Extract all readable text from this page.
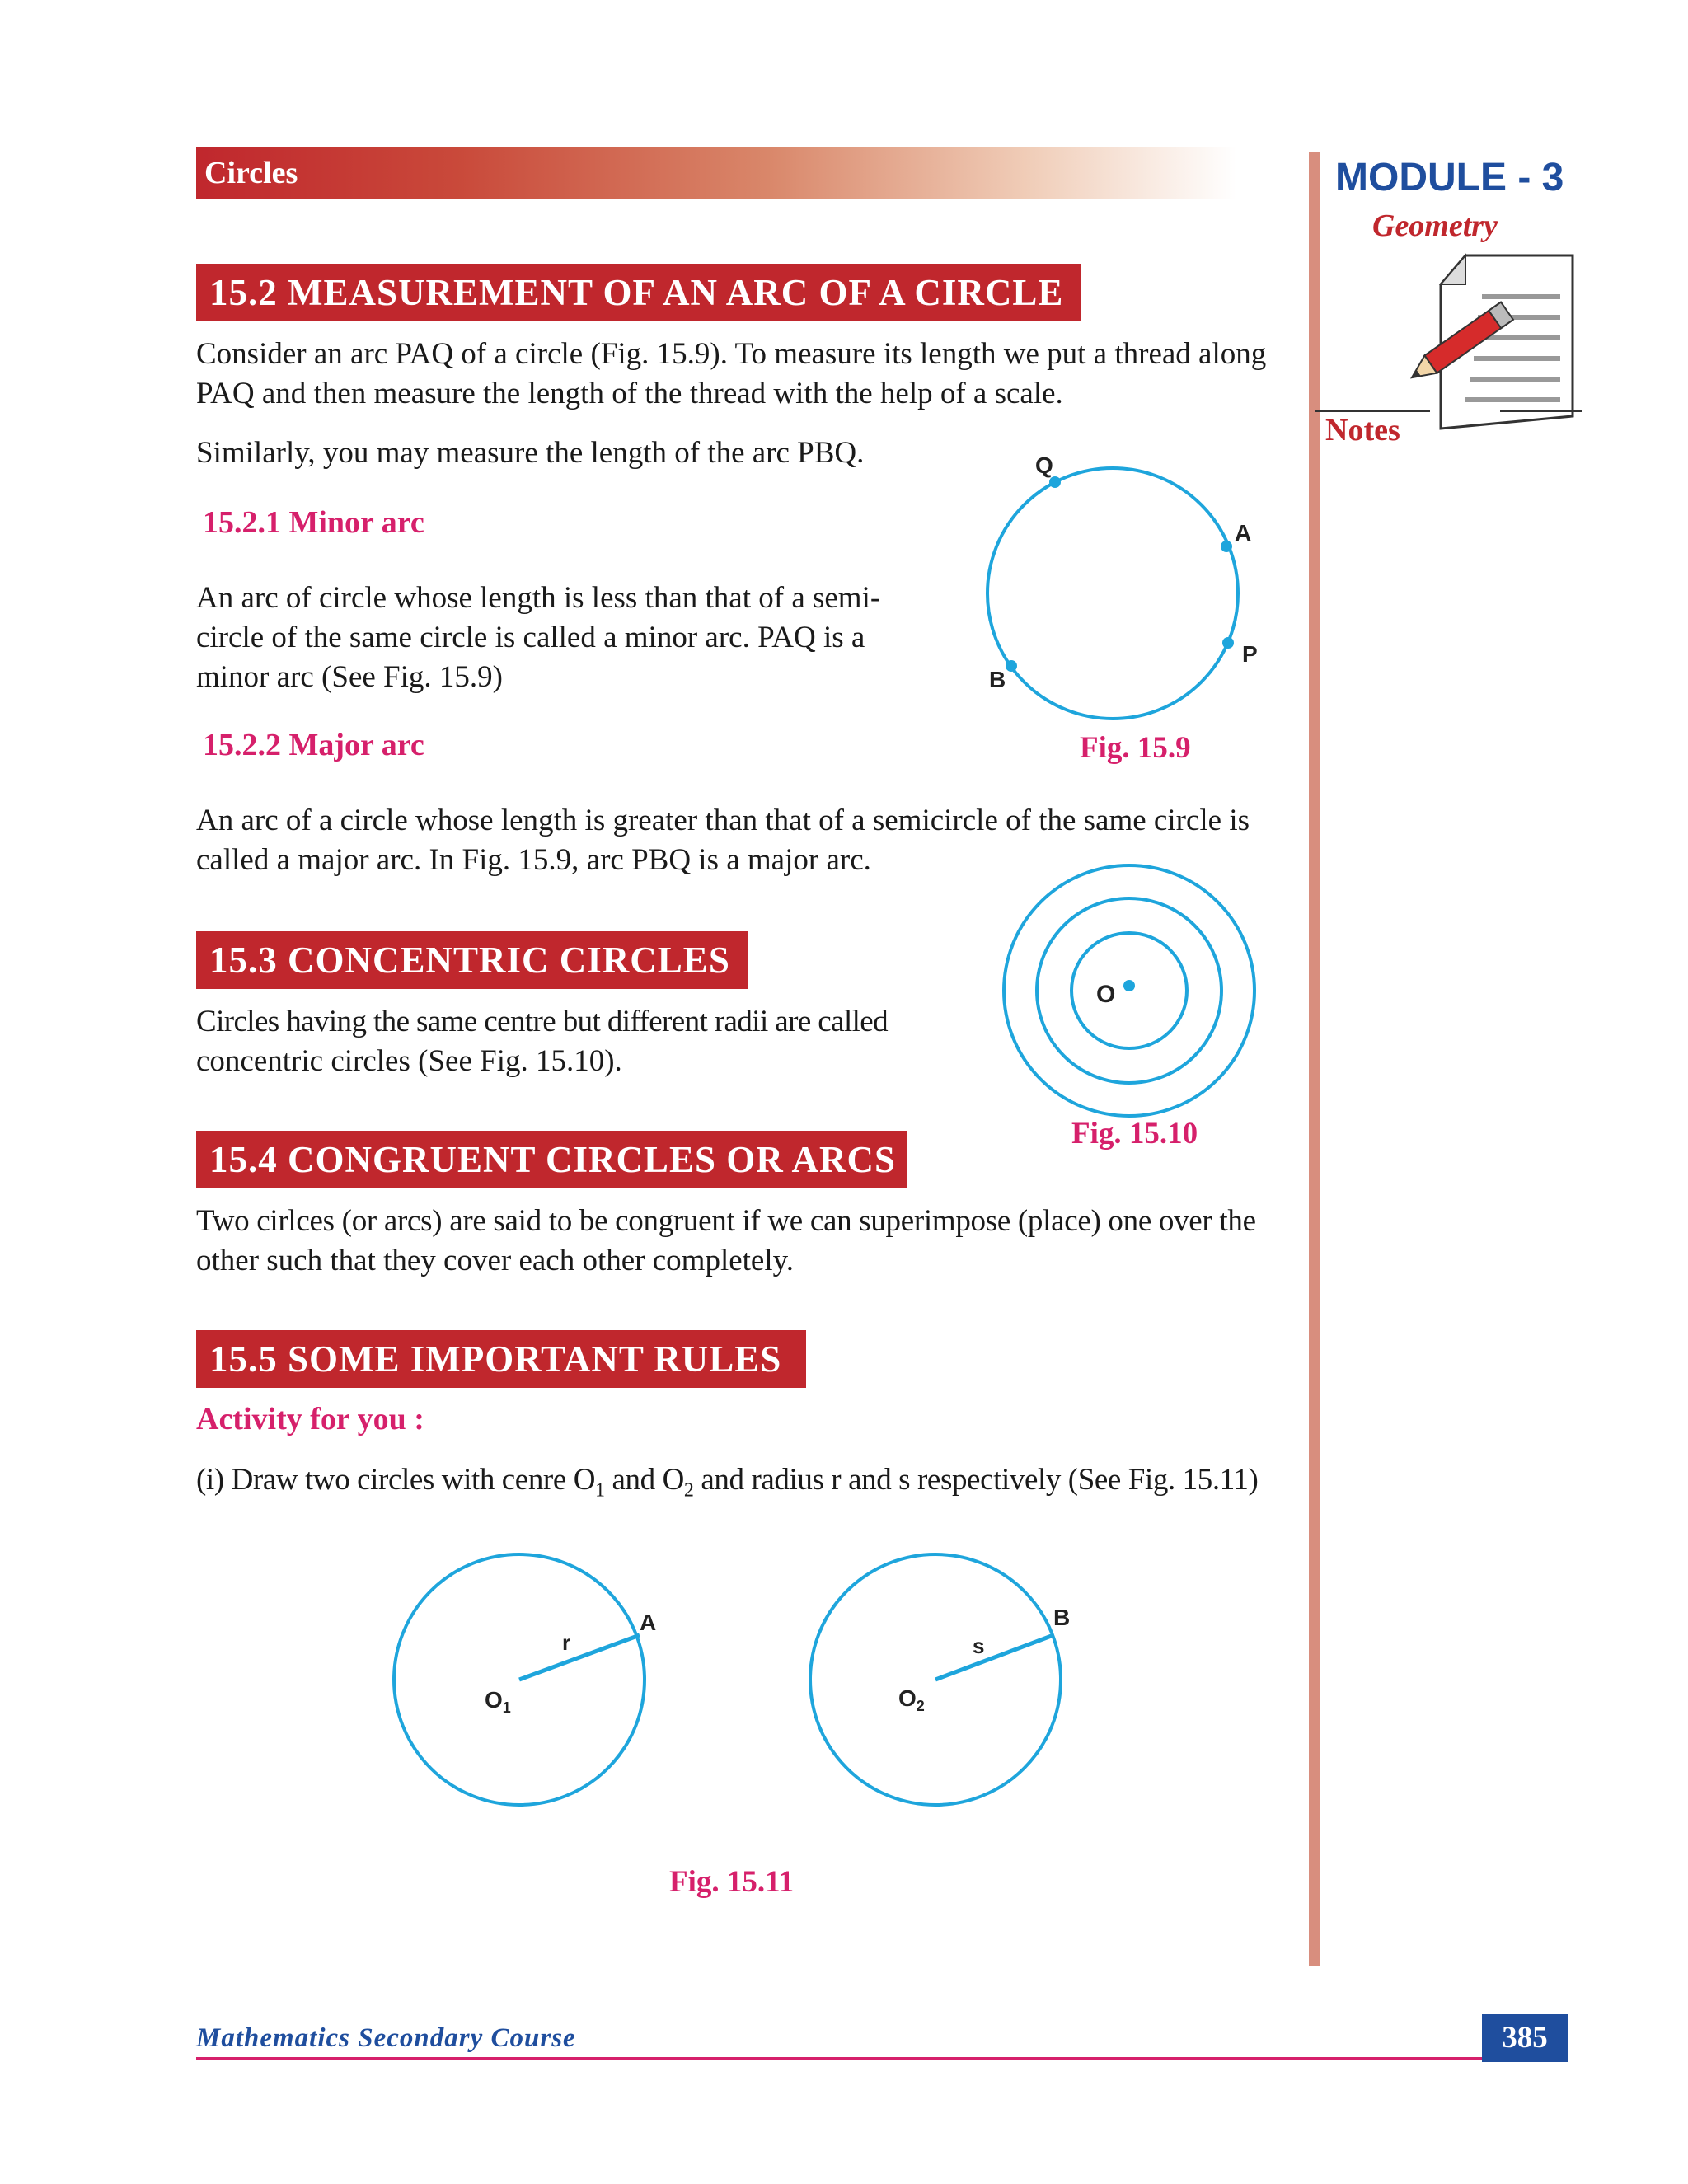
Circles	MODULE - 3
Geometry
Notes
15.2 MEASUREMENT OF AN ARC OF A CIRCLE
Consider an arc PAQ of a circle (Fig. 15.9). To measure its length we put a thread along
PAQ and then measure the length of the thread with the help of a scale.
Similarly, you may measure the length of the arc PBQ.
15.2.1 Minor arc
An arc of circle whose length is less than that of a semi-
circle of the same circle is called a minor arc. PAQ is a
minor arc (See Fig. 15.9)
Q
A
P
B
Fig. 15.9
15.2.2 Major arc
An arc of a circle whose length is greater than that of a semicircle of the same circle is
called a major arc. In Fig. 15.9, arc PBQ is a major arc.
15.3 CONCENTRIC CIRCLES
Circles having the same centre but different radii are called
concentric circles (See Fig. 15.10).
O
Fig. 15.10
15.4 CONGRUENT CIRCLES OR ARCS
Two cirlces (or arcs) are said to be congruent if we can superimpose (place) one over the
other such that they cover each other completely.
15.5 SOME IMPORTANT RULES
Activity for you :
(i) Draw two circles with cenre $O_1$ and $O_2$ and radius r and s respectively (See Fig. 15.11)
$O_1$
r
A
$O_2$
s
B
Fig. 15.11
Mathematics Secondary Course	385
